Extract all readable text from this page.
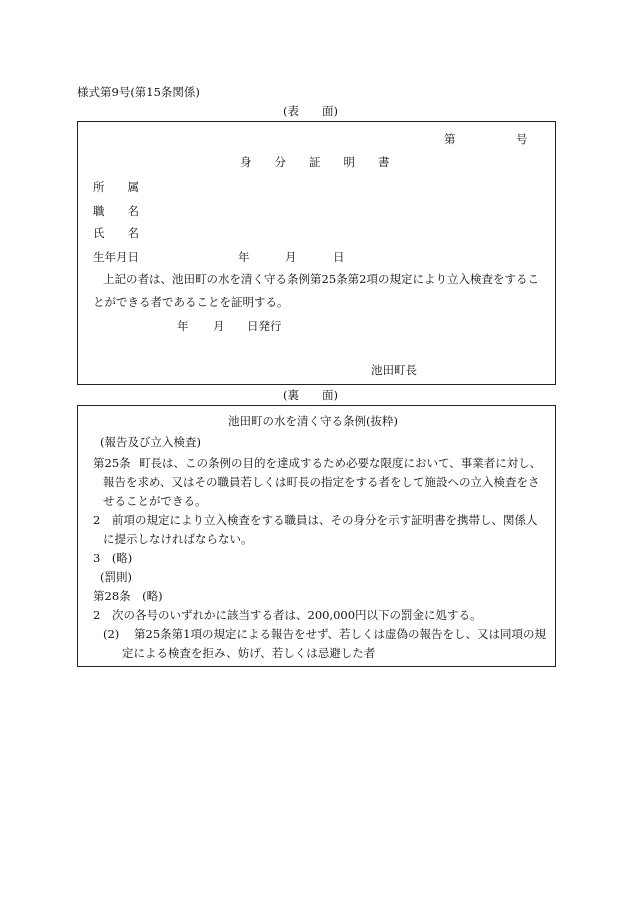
様式第9号(第15条関係)
(表　　面)
第	号
身　　分　　証　　明　　書
所　　属
職　　名
氏　　名
生年月日	年	月	日
上記の者は、池田町の水を清く守る条例第25条第2項の規定により立入検査をするこ
とができる者であることを証明する。
年 月 日発行
池田町長
(裏　　面)
池田町の水を清く守る条例(抜粋)
(報告及び立入検査)
第25条 町長は、この条例の目的を達成するため必要な限度において、事業者に対し、
報告を求め、又はその職員若しくは町長の指定をする者をして施設への立入検査をさ
せることができる。
2 前項の規定により立入検査をする職員は、その身分を示す証明書を携帯し、関係人
に提示しなければならない。
3　(略)
(罰則)
第28条　(略)
2 次の各号のいずれかに該当する者は、200,000円以下の罰金に処する。
(2) 第25条第1項の規定による報告をせず、若しくは虚偽の報告をし、又は同項の規
定による検査を拒み、妨げ、若しくは忌避した者
